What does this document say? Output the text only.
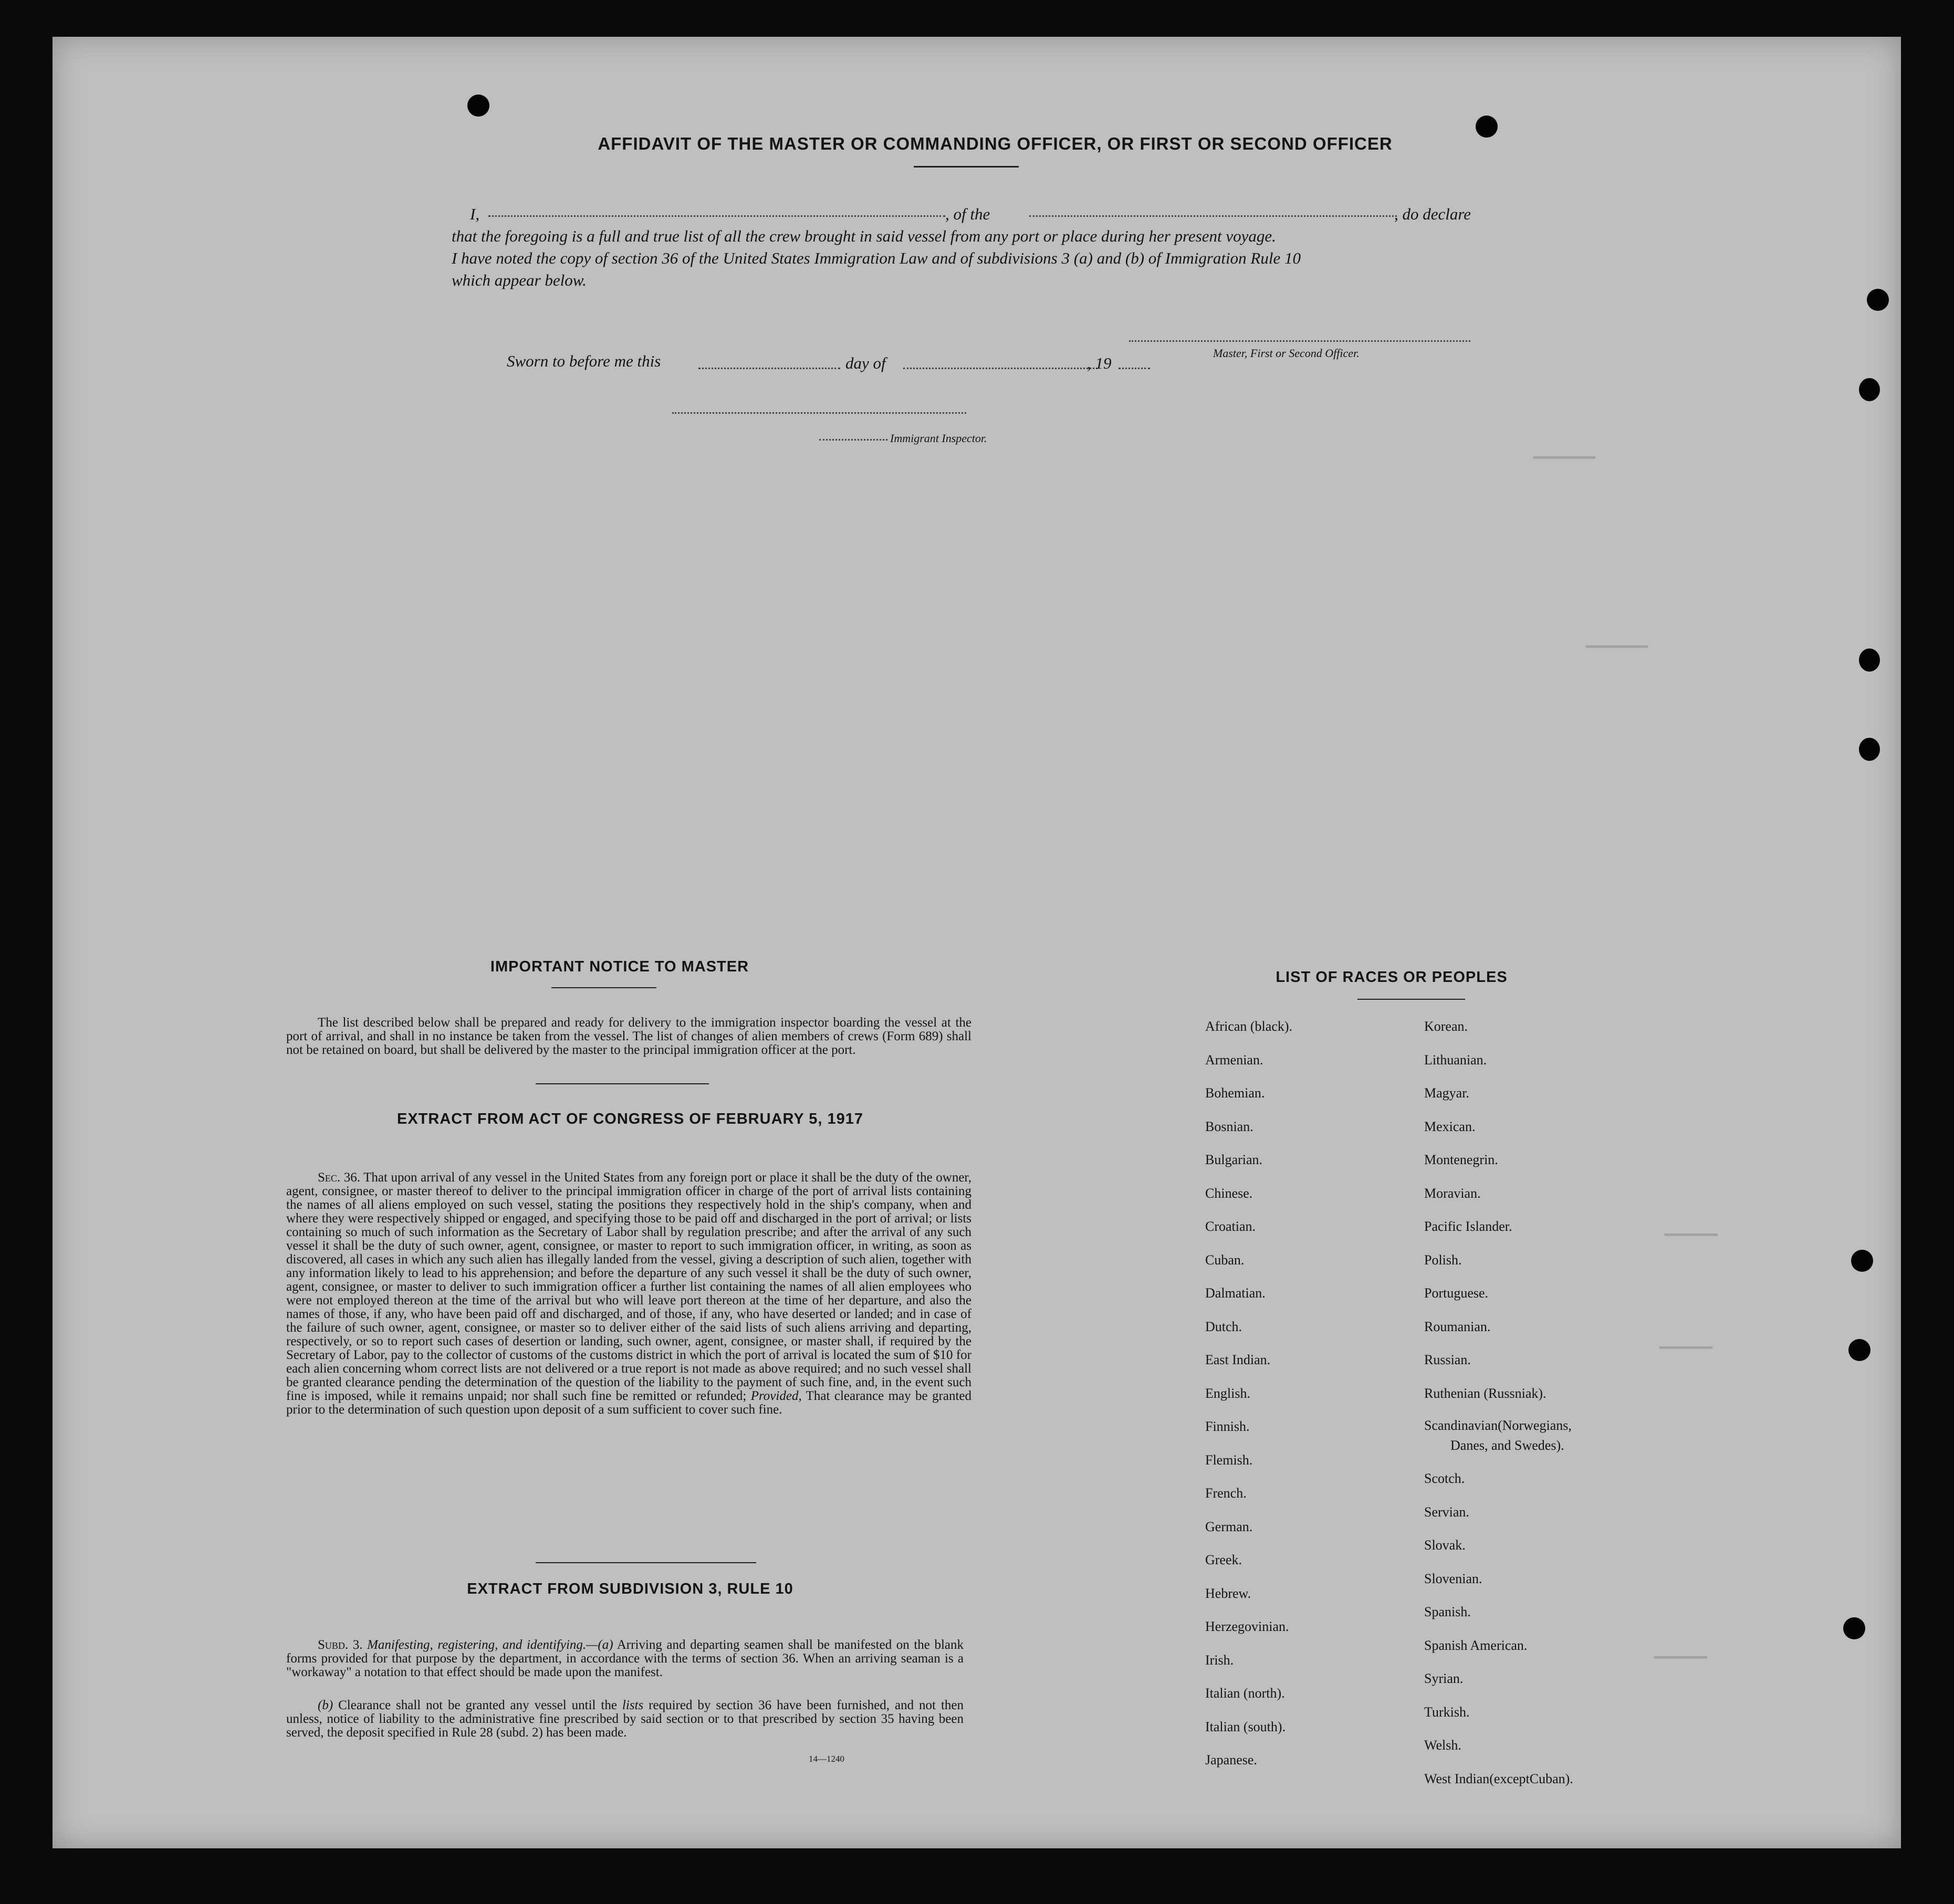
━━━━━━━
━━━━━━━
━━━━━━
━━━━━━
━━━━━━
AFFIDAVIT OF THE MASTER OR COMMANDING OFFICER, OR FIRST OR SECOND OFFICER
I,	, of the	, do declare
that the foregoing is a full and true list of all the crew brought in said vessel from any port or place during her present voyage.
I have noted the copy of section 36 of the United States Immigration Law and of subdivisions 3 (a) and (b) of Immigration Rule 10
which appear below.
Master, First or Second Officer.
Sworn to before me this	day of	, 19
Immigrant Inspector.
IMPORTANT NOTICE TO MASTER
The list described below shall be prepared and ready for delivery to the immigration inspector boarding the vessel at the port of arrival, and shall in no instance be taken from the vessel. The list of changes of alien members of crews (Form 689) shall not be retained on board, but shall be delivered by the master to the principal immigration officer at the port.
EXTRACT FROM ACT OF CONGRESS OF FEBRUARY 5, 1917
Sec. 36. That upon arrival of any vessel in the United States from any foreign port or place it shall be the duty of the owner, agent, consignee, or master thereof to deliver to the principal immigration officer in charge of the port of arrival lists containing the names of all aliens employed on such vessel, stating the positions they respectively hold in the ship's company, when and where they were respectively shipped or engaged, and specifying those to be paid off and discharged in the port of arrival; or lists containing so much of such information as the Secretary of Labor shall by regulation prescribe; and after the arrival of any such vessel it shall be the duty of such owner, agent, consignee, or master to report to such immigration officer, in writing, as soon as discovered, all cases in which any such alien has illegally landed from the vessel, giving a description of such alien, together with any information likely to lead to his apprehension; and before the departure of any such vessel it shall be the duty of such owner, agent, consignee, or master to deliver to such immigration officer a further list containing the names of all alien employees who were not employed thereon at the time of the arrival but who will leave port thereon at the time of her departure, and also the names of those, if any, who have been paid off and discharged, and of those, if any, who have deserted or landed; and in case of the failure of such owner, agent, consignee, or master so to deliver either of the said lists of such aliens arriving and departing, respectively, or so to report such cases of desertion or landing, such owner, agent, consignee, or master shall, if required by the Secretary of Labor, pay to the collector of customs of the customs district in which the port of arrival is located the sum of $10 for each alien concerning whom correct lists are not delivered or a true report is not made as above required; and no such vessel shall be granted clearance pending the determination of the question of the liability to the payment of such fine, and, in the event such fine is imposed, while it remains unpaid; nor shall such fine be remitted or refunded; Provided, That clearance may be granted prior to the determination of such question upon deposit of a sum sufficient to cover such fine.
EXTRACT FROM SUBDIVISION 3, RULE 10
Subd. 3. Manifesting, registering, and identifying.—(a) Arriving and departing seamen shall be manifested on the blank forms provided for that purpose by the department, in accordance with the terms of section 36. When an arriving seaman is a "workaway" a notation to that effect should be made upon the manifest.
(b) Clearance shall not be granted any vessel until the lists required by section 36 have been furnished, and not then unless, notice of liability to the administrative fine prescribed by said section or to that prescribed by section 35 having been served, the deposit specified in Rule 28 (subd. 2) has been made.
14—1240
LIST OF RACES OR PEOPLES
African (black).
Armenian.
Bohemian.
Bosnian.
Bulgarian.
Chinese.
Croatian.
Cuban.
Dalmatian.
Dutch.
East Indian.
English.
Finnish.
Flemish.
French.
German.
Greek.
Hebrew.
Herzegovinian.
Irish.
Italian (north).
Italian (south).
Japanese.
Korean.
Lithuanian.
Magyar.
Mexican.
Montenegrin.
Moravian.
Pacific Islander.
Polish.
Portuguese.
Roumanian.
Russian.
Ruthenian (Russniak).
Scandinavian(Norwegians,
Danes, and Swedes).
Scotch.
Servian.
Slovak.
Slovenian.
Spanish.
Spanish American.
Syrian.
Turkish.
Welsh.
West Indian(exceptCuban).
